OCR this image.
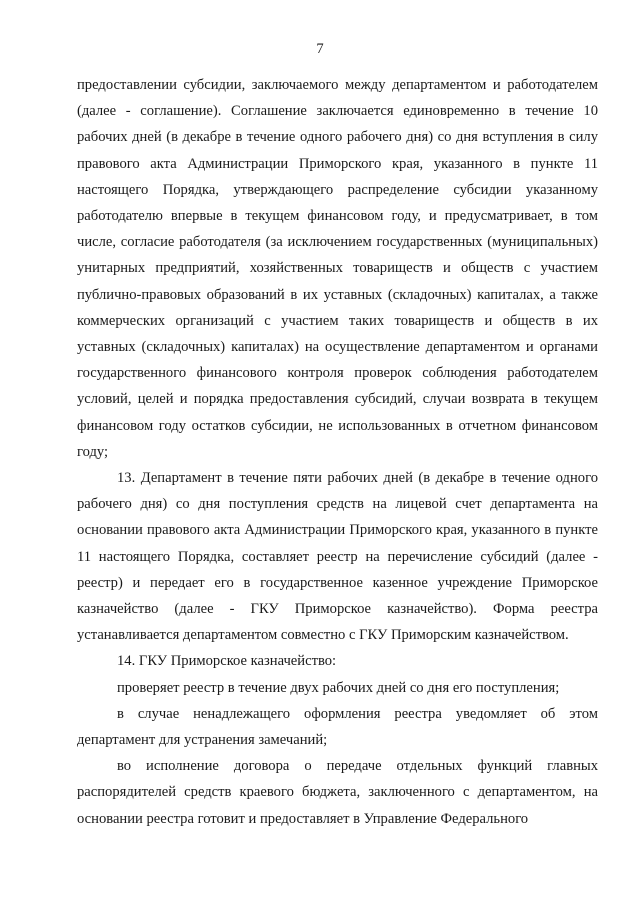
7

предоставлении субсидии, заключаемого между департаментом и работодателем (далее - соглашение). Соглашение заключается единовременно в течение 10 рабочих дней (в декабре в течение одного рабочего дня) со дня вступления в силу правового акта Администрации Приморского края, указанного в пункте 11 настоящего Порядка, утверждающего распределение субсидии указанному работодателю впервые в текущем финансовом году, и предусматривает, в том числе, согласие работодателя (за исключением государственных (муниципальных) унитарных предприятий, хозяйственных товариществ и обществ с участием публично-правовых образований в их уставных (складочных) капиталах, а также коммерческих организаций с участием таких товариществ и обществ в их уставных (складочных) капиталах) на осуществление департаментом и органами государственного финансового контроля проверок соблюдения работодателем условий, целей и порядка предоставления субсидий, случаи возврата в текущем финансовом году остатков субсидии, не использованных в отчетном финансовом году;

13. Департамент в течение пяти рабочих дней (в декабре в течение одного рабочего дня) со дня поступления средств на лицевой счет департамента на основании правового акта Администрации Приморского края, указанного в пункте 11 настоящего Порядка, составляет реестр на перечисление субсидий (далее - реестр) и передает его в государственное казенное учреждение Приморское казначейство (далее - ГКУ Приморское казначейство). Форма реестра устанавливается департаментом совместно с ГКУ Приморским казначейством.

14. ГКУ Приморское казначейство:

проверяет реестр в течение двух рабочих дней со дня его поступления;

в случае ненадлежащего оформления реестра уведомляет об этом департамент для устранения замечаний;

во исполнение договора о передаче отдельных функций главных распорядителей средств краевого бюджета, заключенного с департаментом, на основании реестра готовит и предоставляет в Управление Федерального
